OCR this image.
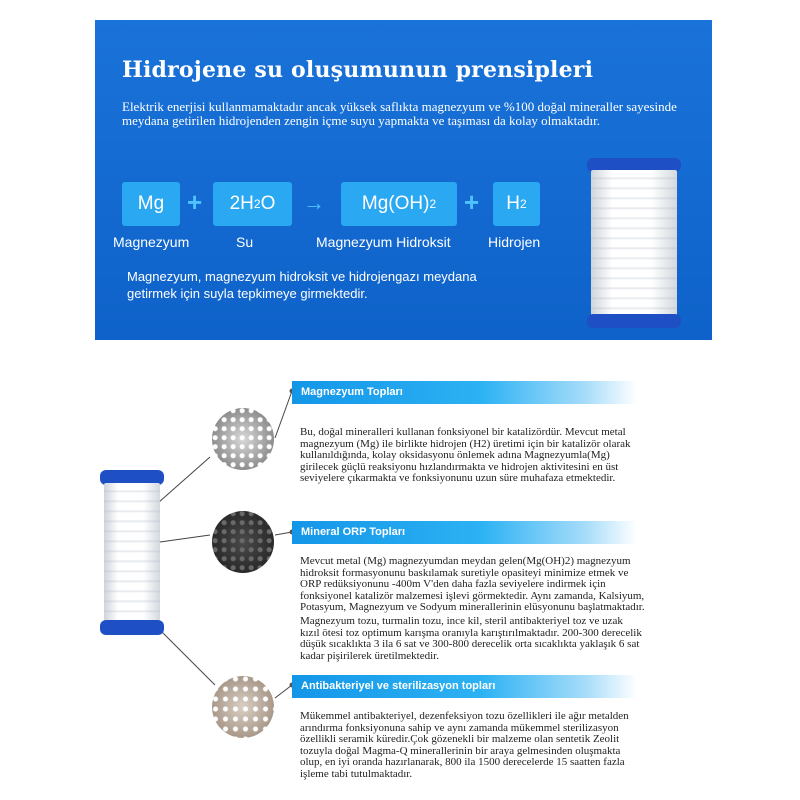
Hidrojene su oluşumunun prensipleri
Elektrik enerjisi kullanmamaktadır ancak yüksek saflıkta magnezyum ve %100 doğal mineraller sayesinde meydana getirilen hidrojenden zengin içme suyu yapmakta ve taşıması da kolay olmaktadır.
Mg + 2H 2 O → Mg(OH) 2 + H 2
Magnezyum	Su	Magnezyum Hidroksit	Hidrojen
Magnezyum, magnezyum hidroksit ve hidrojengazı meydana getirmek için suyla tepkimeye girmektedir.
Magnezyum Topları
Bu, doğal mineralleri kullanan fonksiyonel bir katalizördür. Mevcut metal magnezyum (Mg) ile birlikte hidrojen (H2) üretimi için bir katalizör olarak kullanıldığında, kolay oksidasyonu önlemek adına Magnezyumla(Mg) girilecek güçlü reaksiyonu hızlandırmakta ve hidrojen aktivitesini en üst seviyelere çıkarmakta ve fonksiyonunu uzun süre muhafaza etmektedir.
Mineral ORP Topları
Mevcut metal (Mg) magnezyumdan meydan gelen(Mg(OH)2) magnezyum hidroksit formasyonunu baskılamak suretiyle opasiteyi minimize etmek ve ORP redüksiyonunu -400m V'den daha fazla seviyelere indirmek için fonksiyonel katalizör malzemesi işlevi görmektedir. Aynı zamanda, Kalsiyum, Potasyum, Magnezyum ve Sodyum minerallerinin elüsyonunu başlatmaktadır.
Magnezyum tozu, turmalin tozu, ince kil, steril antibakteriyel toz ve uzak kızıl ötesi toz optimum karışma oranıyla karıştırılmaktadır. 200-300 derecelik düşük sıcaklıkta 3 ila 6 sat ve 300-800 derecelik orta sıcaklıkta yaklaşık 6 sat kadar pişirilerek üretilmektedir.
Antibakteriyel ve sterilizasyon topları
Mükemmel antibakteriyel, dezenfeksiyon tozu özellikleri ile ağır metalden arındırma fonksiyonuna sahip ve aynı zamanda mükemmel sterilizasyon özellikli seramik küredir.Çok gözenekli bir malzeme olan sentetik Zeolit tozuyla doğal Magma-Q minerallerinin bir araya gelmesinden oluşmakta olup, en iyi oranda hazırlanarak, 800 ila 1500 derecelerde 15 saatten fazla işleme tabi tutulmaktadır.
